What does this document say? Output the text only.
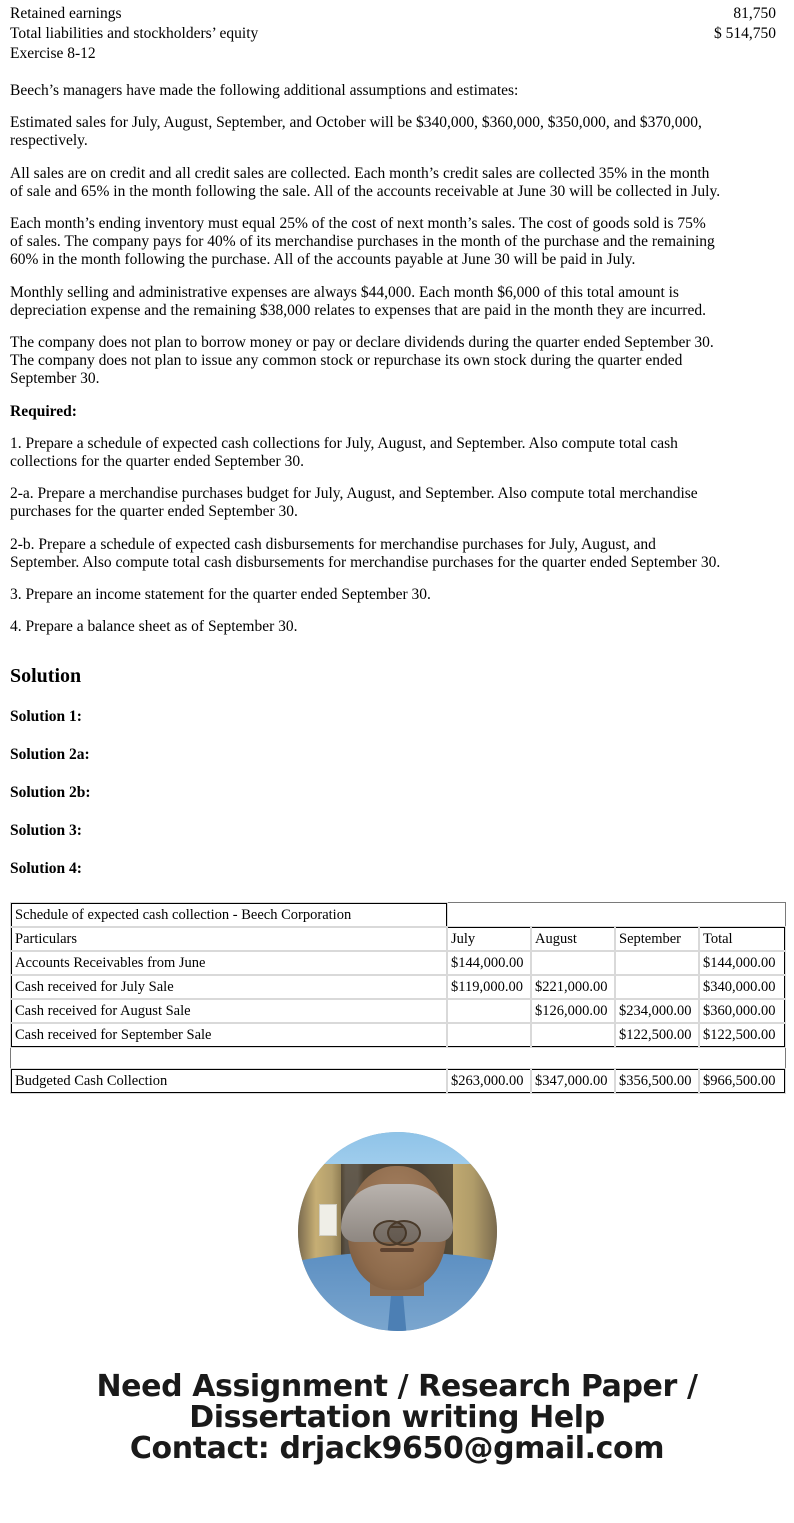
Retained earnings	81,750
Total liabilities and stockholders’ equity	$ 514,750
Exercise 8-12

Beech’s managers have made the following additional assumptions and estimates:

Estimated sales for July, August, September, and October will be $340,000, $360,000, $350,000, and $370,000, respectively.

All sales are on credit and all credit sales are collected. Each month’s credit sales are collected 35% in the month of sale and 65% in the month following the sale. All of the accounts receivable at June 30 will be collected in July.

Each month’s ending inventory must equal 25% of the cost of next month’s sales. The cost of goods sold is 75% of sales. The company pays for 40% of its merchandise purchases in the month of the purchase and the remaining 60% in the month following the purchase. All of the accounts payable at June 30 will be paid in July.

Monthly selling and administrative expenses are always $44,000. Each month $6,000 of this total amount is depreciation expense and the remaining $38,000 relates to expenses that are paid in the month they are incurred.

The company does not plan to borrow money or pay or declare dividends during the quarter ended September 30. The company does not plan to issue any common stock or repurchase its own stock during the quarter ended September 30.

Required:

1. Prepare a schedule of expected cash collections for July, August, and September. Also compute total cash collections for the quarter ended September 30.

2-a. Prepare a merchandise purchases budget for July, August, and September. Also compute total merchandise purchases for the quarter ended September 30.

2-b. Prepare a schedule of expected cash disbursements for merchandise purchases for July, August, and September. Also compute total cash disbursements for merchandise purchases for the quarter ended September 30.

3. Prepare an income statement for the quarter ended September 30.

4. Prepare a balance sheet as of September 30.

Solution
Solution 1:
Solution 2a:
Solution 2b:
Solution 3:
Solution 4:
Schedule of expected cash collection - Beech Corporation				
Particulars	July	August	September	Total
Accounts Receivables from June	$144,000.00			$144,000.00
Cash received for July Sale	$119,000.00	$221,000.00		$340,000.00
Cash received for August Sale		$126,000.00	$234,000.00	$360,000.00
Cash received for September Sale			$122,500.00	$122,500.00

Budgeted Cash Collection	$263,000.00	$347,000.00	$356,500.00	$966,500.00
Need Assignment / Research Paper / Dissertation writing Help
Contact: drjack9650@gmail.com
